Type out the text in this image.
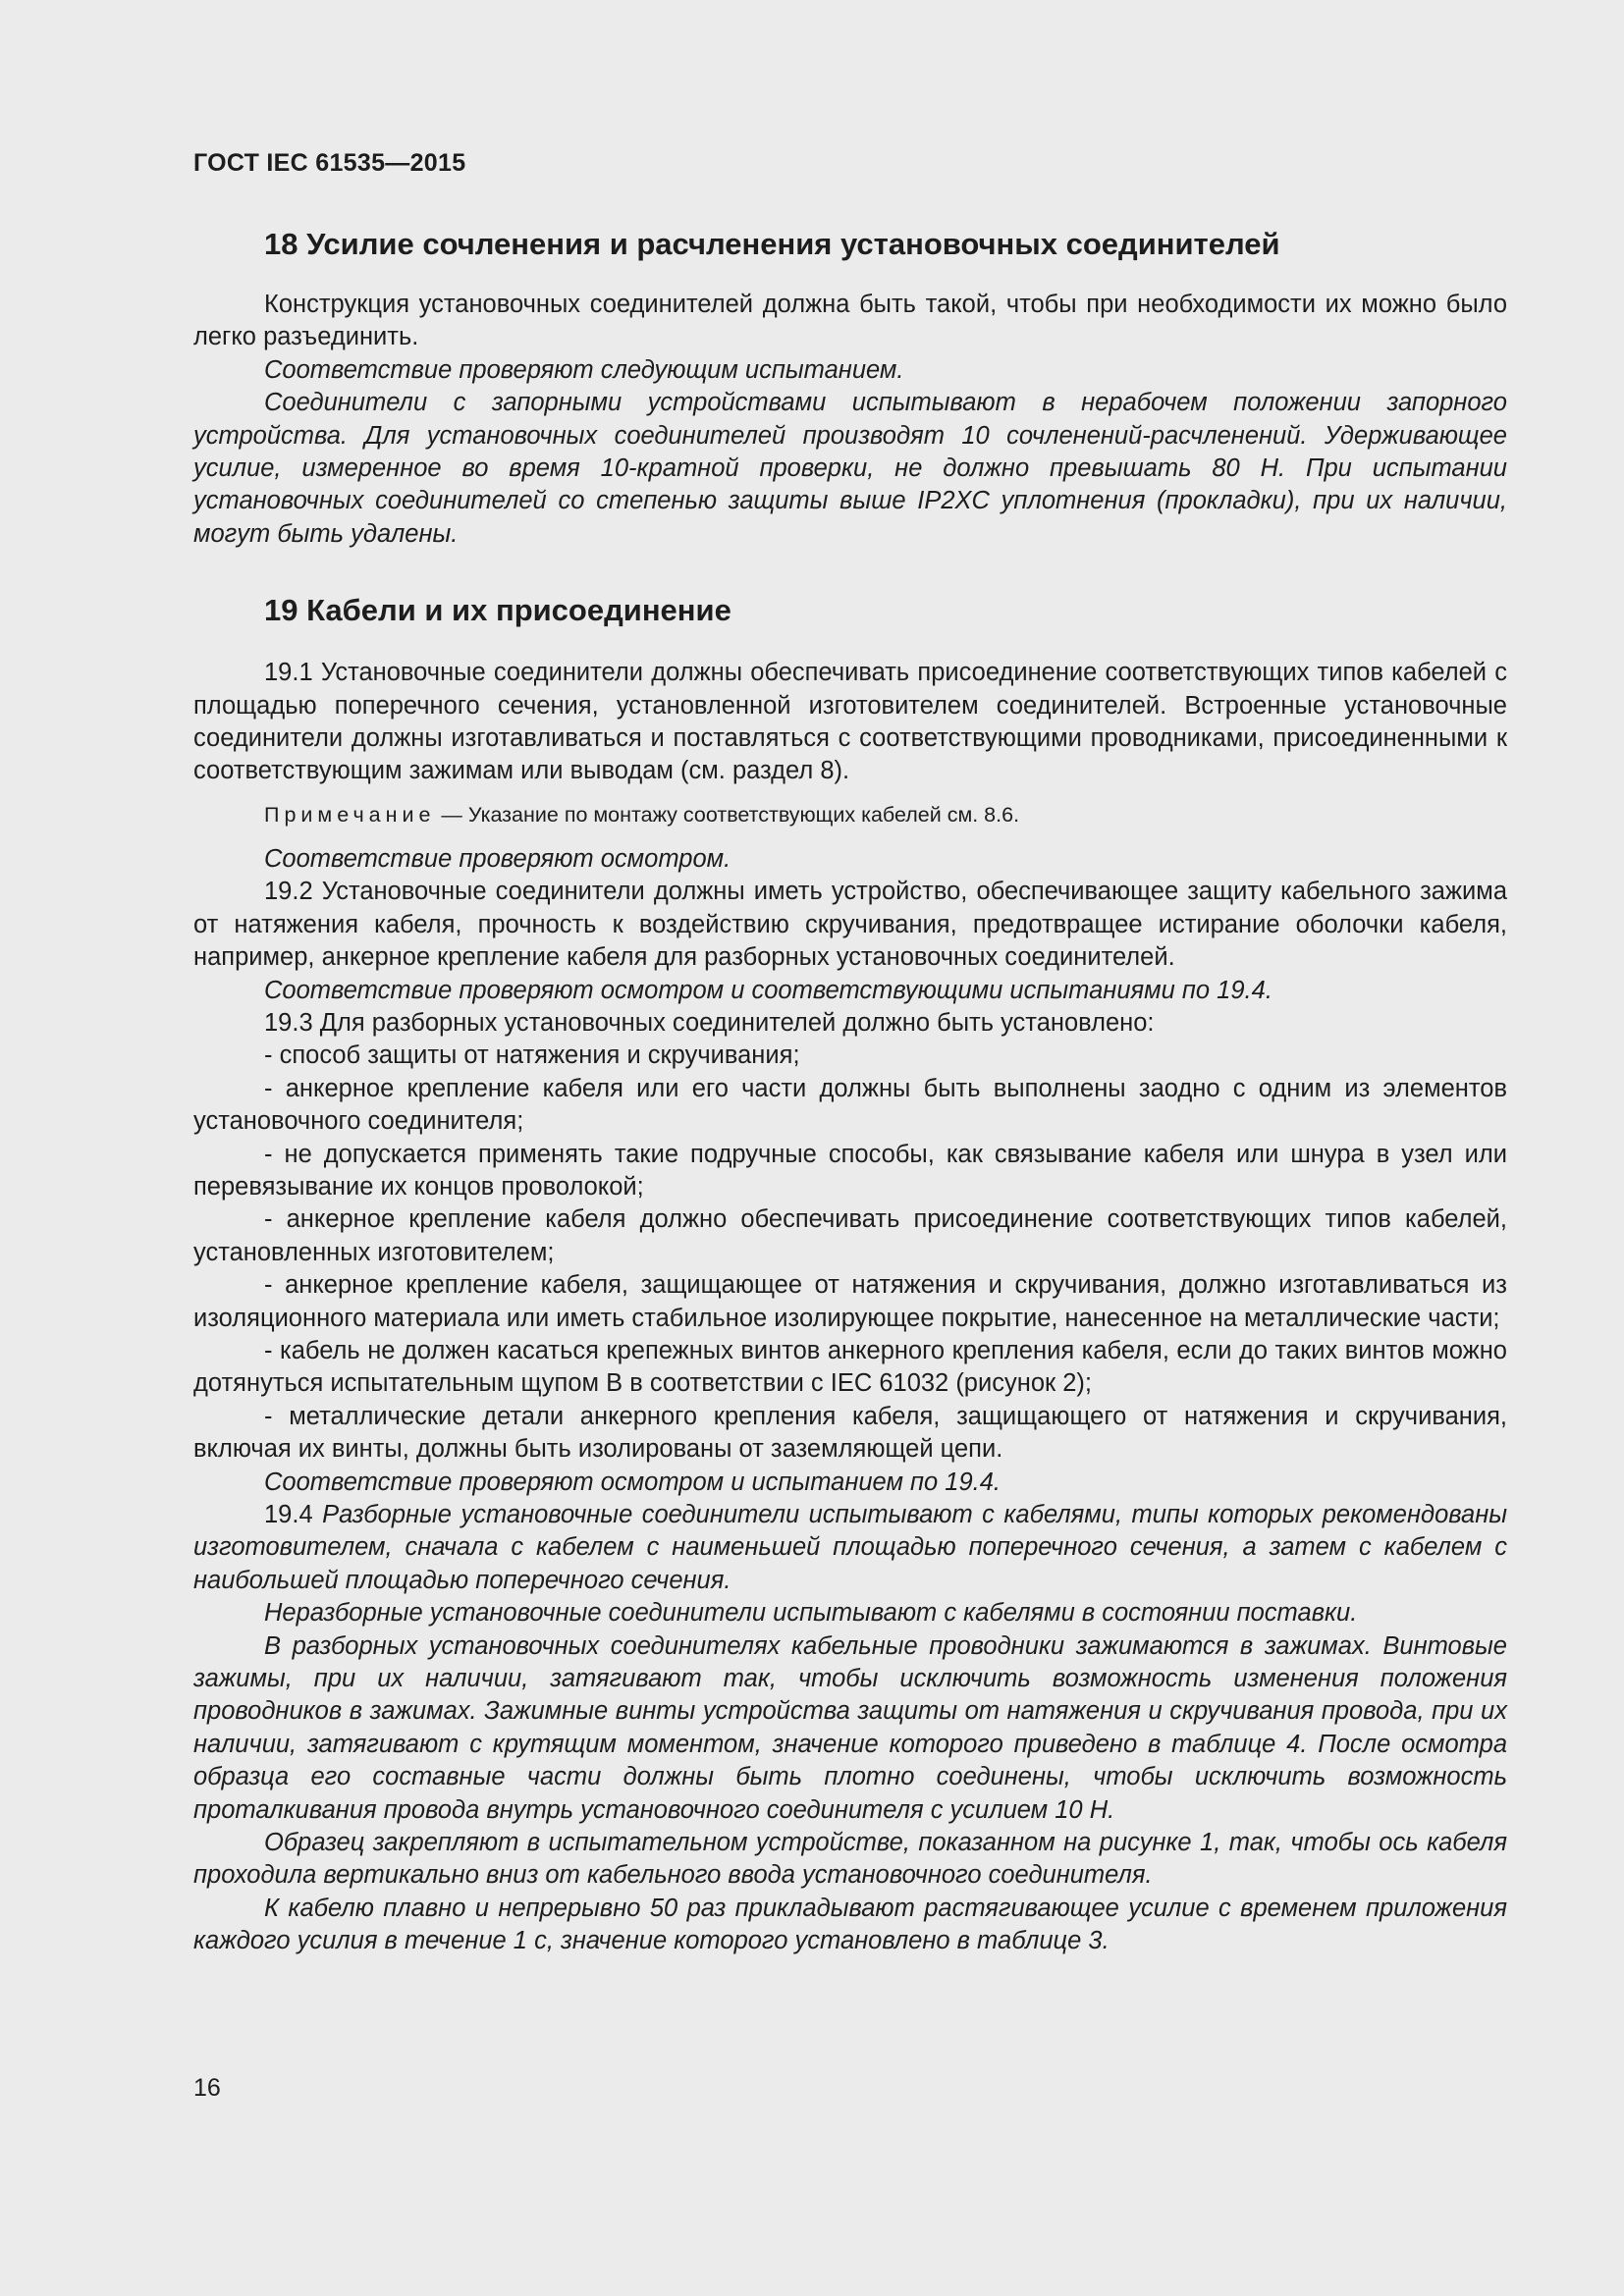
ГОСТ IEC 61535—2015
18 Усилие сочленения и расчленения установочных соединителей

Конструкция установочных соединителей должна быть такой, чтобы при необходимости их можно было легко разъединить.

Соответствие проверяют следующим испытанием.

Соединители с запорными устройствами испытывают в нерабочем положении запорного устройства. Для установочных соединителей производят 10 сочленений-расчленений. Удерживающее усилие, измеренное во время 10-кратной проверки, не должно превышать 80 Н. При испытании установочных соединителей со степенью защиты выше IP2XC уплотнения (прокладки), при их наличии, могут быть удалены.

19 Кабели и их присоединение

19.1 Установочные соединители должны обеспечивать присоединение соответствующих типов кабелей с площадью поперечного сечения, установленной изготовителем соединителей. Встроенные установочные соединители должны изготавливаться и поставляться с соответствующими проводниками, присоединенными к соответствующим зажимам или выводам (см. раздел 8).

Примечание — Указание по монтажу соответствующих кабелей см. 8.6.

Соответствие проверяют осмотром.

19.2 Установочные соединители должны иметь устройство, обеспечивающее защиту кабельного зажима от натяжения кабеля, прочность к воздействию скручивания, предотвращее истирание оболочки кабеля, например, анкерное крепление кабеля для разборных установочных соединителей.

Соответствие проверяют осмотром и соответствующими испытаниями по 19.4.

19.3 Для разборных установочных соединителей должно быть установлено:

- способ защиты от натяжения и скручивания;

- анкерное крепление кабеля или его части должны быть выполнены заодно с одним из элементов установочного соединителя;

- не допускается применять такие подручные способы, как связывание кабеля или шнура в узел или перевязывание их концов проволокой;

- анкерное крепление кабеля должно обеспечивать присоединение соответствующих типов кабелей, установленных изготовителем;

- анкерное крепление кабеля, защищающее от натяжения и скручивания, должно изготавливаться из изоляционного материала или иметь стабильное изолирующее покрытие, нанесенное на металлические части;

- кабель не должен касаться крепежных винтов анкерного крепления кабеля, если до таких винтов можно дотянуться испытательным щупом B в соответствии с IEC 61032 (рисунок 2);

- металлические детали анкерного крепления кабеля, защищающего от натяжения и скручивания, включая их винты, должны быть изолированы от заземляющей цепи.

Соответствие проверяют осмотром и испытанием по 19.4.

19.4 Разборные установочные соединители испытывают с кабелями, типы которых рекомендованы изготовителем, сначала с кабелем с наименьшей площадью поперечного сечения, а затем с кабелем с наибольшей площадью поперечного сечения.

Неразборные установочные соединители испытывают с кабелями в состоянии поставки.

В разборных установочных соединителях кабельные проводники зажимаются в зажимах. Винтовые зажимы, при их наличии, затягивают так, чтобы исключить возможность изменения положения проводников в зажимах. Зажимные винты устройства защиты от натяжения и скручивания провода, при их наличии, затягивают с крутящим моментом, значение которого приведено в таблице 4. После осмотра образца его составные части должны быть плотно соединены, чтобы исключить возможность проталкивания провода внутрь установочного соединителя с усилием 10 Н.

Образец закрепляют в испытательном устройстве, показанном на рисунке 1, так, чтобы ось кабеля проходила вертикально вниз от кабельного ввода установочного соединителя.

К кабелю плавно и непрерывно 50 раз прикладывают растягивающее усилие с временем приложения каждого усилия в течение 1 с, значение которого установлено в таблице 3.

16
